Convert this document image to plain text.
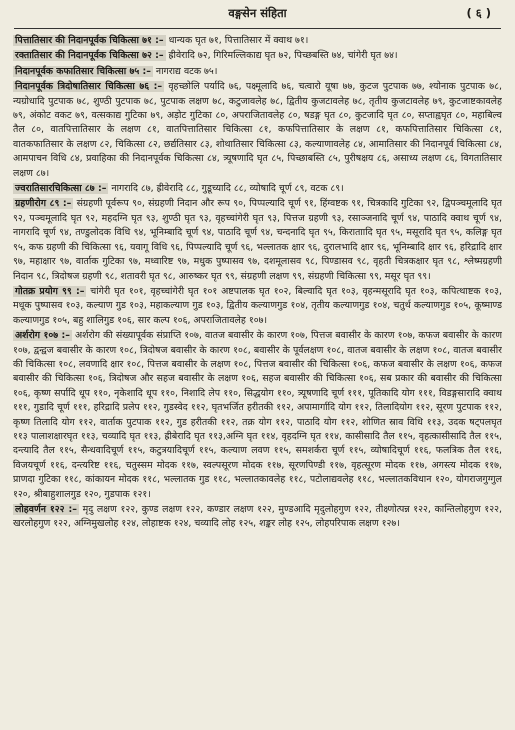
वङ्गसेन संहिता	( ६ )

पित्तातिसार की निदानपूर्वक चिकित्सा ७१ :– धान्यक घृत ७१, पित्तातिसार में क्वाथ ७१।

रक्तातिसार की निदानपूर्वक चिकित्सा ७२ :– ह्रीवेरादि ७२, गिरिमल्लिकाद्य घृत ७२, पिच्छबस्ति ७४, चांगेरी घृत ७४।

निदानपूर्वक कफातिसार चिकित्सा ७५ :– नागराद्य वटक ७५।

निदानपूर्वक त्रिदोषातिसार चिकित्सा ७६ :– वृहच्छोलि पर्यादि ७६, पक्ष्मूलादि ७६, चत्वारो यूषा ७७, कुटज पुटपाक ७७, श्योनाक पुटपाक ७८, न्यग्रोधादि पुटपाक ७८, शुण्ठी पुटपाक ७८, पुटपाक लक्षण ७८, कटुजावलेह ७८, द्वितीय कुजटावलेह ७८, तृतीय कुजटावलेह ७९, कुटजाष्टकावलेह ७९, अंकोट वकट ७९, वत्सकाद्य गुटिका ७९, अड़ोट गुटिका ८०, अपराजितावलेह ८०, षडङ्ग घृत ८०, कुटजादि घृत ८०, सप्ताह्वघृत ८०, महाबिल्व तैल ८०, वातपित्तातिसार के लक्षण ८१, वातपित्तातिसार चिकित्सा ८१, कफपित्तातिसार के लक्षण ८१, कफपित्तातिसार चिकित्सा ८१, वातकफातिसार के लक्षण ८२, चिकित्सा ८२, छर्द्यतिसार ८३, शोथातिसार चिकित्सा ८३, कल्याणावलेह ८४, आमातिसार की निदानपूर्व चिकित्सा ८४, आमपाचन विधि ८४, प्रवाहिका की निदानपूर्वक चिकित्सा ८४, त्र्यूषणादि घृत ८५, पिच्छाबस्ति ८५, पुरीषक्षय ८६, असाध्य लक्षण ८६, विगतातिसार लक्षण ८७।

ज्वरातिसारचिकित्सा ८७ :– नागरादि ८७, ह्रीवेरादि ८८, गुडूच्यादि ८८, व्योषादि चूर्ण ८९, वटक ८९।

ग्रहणीरोग ८९ :– संग्रहणी पूर्वरूप ९०, संग्रहणी निदान और रूप ९०, पिप्पल्यादि चूर्ण ९१, हिंग्वष्टक ९१, चित्रकादि गुटिका ९२, द्विपञ्चमूलादि घृत ९२, पञ्चमूलादि घृत ९२, महदग्नि घृत ९३, शुण्ठी घृत ९३, वृहच्चांगेरी घृत ९३, पित्तज ग्रहणी ९३, रसाञ्जनादि चूर्ण ९४, पाठादि क्वाथ चूर्ण ९४, नागरादि चूर्ण ९४, तण्डुलोदक विधि ९४, भूनिम्बादि चूर्ण ९४, पाठादि चूर्ण ९४, चन्दनादि घृत ९५, किराताादि घृत ९५, मसूरादि घृत ९५, कलिङ्ग घृत ९५, कफ ग्रहणी की चिकित्सा ९६, यवागू विधि ९६, पिप्पल्यादि चूर्ण ९६, भल्लातक क्षार ९६, दुरालभादि क्षार ९६, भूनिम्बादि क्षार ९६, हरिद्रादि क्षार ९७, महाक्षार ९७, वार्ताक गुटिका ९७, मध्वारिष्ट ९७, मधुक पुष्पासव ९७, दशमूलासव ९८, पिण्डासव ९८, वृहती चित्रकक्षार घृत ९८, श्लेष्मग्रहणी निदान ९८, त्रिदोषज ग्रहणी ९८, शतावरी घृत ९८, आरुष्कर घृत ९९, संग्रहणी लक्षण ९९, संग्रहणी चिकित्सा ९९, मसूर घृत ९९।

गोतक्र प्रयोग ९९ :– चांगेरी घृत १०१, वृहच्चांगेरी घृत १०१ अष्टपालक घृत १०२, बिल्वादि घृत १०३, वृहन्मसूरादि घृत १०३, कपित्थाष्टक १०३, मधूक पुष्पासव १०३, कल्याण गुड १०३, महाकल्याण गुड १०३, द्वितीय कल्याणगुड १०४, तृतीय कल्याणगुड १०४, चतुर्थ कल्याणगुड १०५, कूष्माण्ड कल्याणगुड १०५, बहु शालिगुड १०६, सार कल्प १०६, अपराजितावलेह १०७।

अर्शरोग १०७ :– अर्शरोग की संख्यापूर्वक संप्राप्ति १०७, वातज बवासीर के कारण १०७, पित्तज बवासीर के कारण १०७, कफज बवासीर के कारण १०७, द्वन्द्वज बवासीर के कारण १०८, त्रिदोषज बवासीर के कारण १०८, बवासीर के पूर्वलक्षण १०८, वातज बवासीर के लक्षण १०८, वातज बवासीर की चिकित्सा १०८, लवणादि क्षार १०८, पित्तज बवासीर के लक्षण १०८, पित्तज बवासीर की चिकित्सा १०६, कफज बवासीर के लक्षण १०६, कफज बवासीर की चिकित्सा १०६, त्रिदोषज और सहज बवासीर के लक्षण १०६, सहज बवासीर की चिकित्सा १०६, सब प्रकार की बवासीर की चिकित्सा १०६, कृष्ण सर्पादि धूप ११०, नृकेशादि धूप ११०, निशादि लेप ११०, सिद्धयोग ११०, त्र्यूषणादि चूर्ण १११, पूतिकादि योग १११, विडङ्गसारादि क्वाथ १११, गुडादि चूर्ण १११, हरिद्रादि प्रलेप ११२, गुडस्वेद ११२, घृतभर्जित हरीतकी ११२, अपामार्गादि योग ११२, तिलादियोग ११२, सूरण पुटपाक ११२, कृष्ण तिलादि योग ११२, वार्ताक पुटपाक ११२, गुड हरीतकी ११२, तक्र योग ११२, पाठादि योग ११२, शोणित स्राव विधि ११३, उदक षट्पलघृत ११३ पालाशक्षारघृत ११३, चव्यादि घृत ११३, ह्रीबेरादि घृत ११३,अग्नि घृत ११४, वृहदग्नि घृत ११४, कासीसादि तैल ११५, वृहत्कासीसादि तैल ११५, दन्त्यादि तैल ११५, सैन्धवादिचूर्ण ११५, कटुत्रयादिचूर्ण ११५, कल्याण लवण ११५, समशर्करा चूर्ण ११५, व्योषादिचूर्ण ११६, फलत्रिक तैल ११६, विजयचूर्ण ११६, दन्त्यरिष्ट ११६, चतुस्सम मोदक ११७, स्वल्पसूरण मोदक ११७, सूरणपिण्डी ११७, वृहत्सूरण मोदक ११७, अगस्त्य मोदक ११७, प्राणदा गुटिका ११८, कांकायन मोदक ११८, भल्लातक गुड ११८, भल्लातकावलेह ११८, पटोलाद्यवलेह ११८, भल्लातकविधान १२०, योगराजगुग्गुल १२०, श्रीबाहुशालगुड १२०, गुडपाक १२१।

लोहवर्णन १२२ :– मृदु लक्षण १२२, कुण्ड लक्षण १२२, कण्डार लक्षण १२२, मुण्डआदि मृदुलोहगुण १२२, तीक्ष्णोत्पन्न १२२, कान्तिलोहगुण १२२, खरलोहगुण १२२, अग्निमुखलोह १२४, लोहाष्टक १२४, चव्यादि लोह १२५, शङ्कर लोह १२५, लोहपरिपाक लक्षण १२७।
